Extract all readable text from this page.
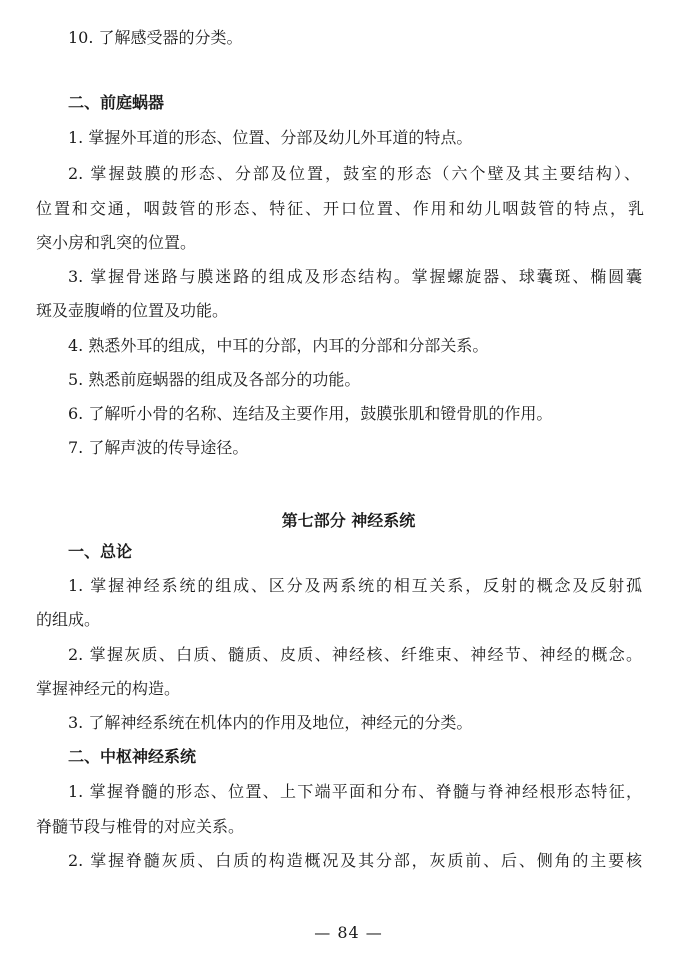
10. 了解感受器的分类。
二、前庭蜗器
1. 掌握外耳道的形态、位置、分部及幼儿外耳道的特点。
2. 掌握鼓膜的形态、分部及位置，鼓室的形态（六个壁及其主要结构）、
位置和交通，咽鼓管的形态、特征、开口位置、作用和幼儿咽鼓管的特点，乳
突小房和乳突的位置。
3. 掌握骨迷路与膜迷路的组成及形态结构。掌握螺旋器、球囊斑、椭圆囊
斑及壶腹嵴的位置及功能。
4. 熟悉外耳的组成，中耳的分部，内耳的分部和分部关系。
5. 熟悉前庭蜗器的组成及各部分的功能。
6. 了解听小骨的名称、连结及主要作用，鼓膜张肌和镫骨肌的作用。
7. 了解声波的传导途径。
第七部分 神经系统
一、总论
1. 掌握神经系统的组成、区分及两系统的相互关系，反射的概念及反射孤
的组成。
2. 掌握灰质、白质、髓质、皮质、神经核、纤维束、神经节、神经的概念。
掌握神经元的构造。
3. 了解神经系统在机体内的作用及地位，神经元的分类。
二、中枢神经系统
1. 掌握脊髓的形态、位置、上下端平面和分布、脊髓与脊神经根形态特征，
脊髓节段与椎骨的对应关系。
2. 掌握脊髓灰质、白质的构造概况及其分部，灰质前、后、侧角的主要核
— 84 —
